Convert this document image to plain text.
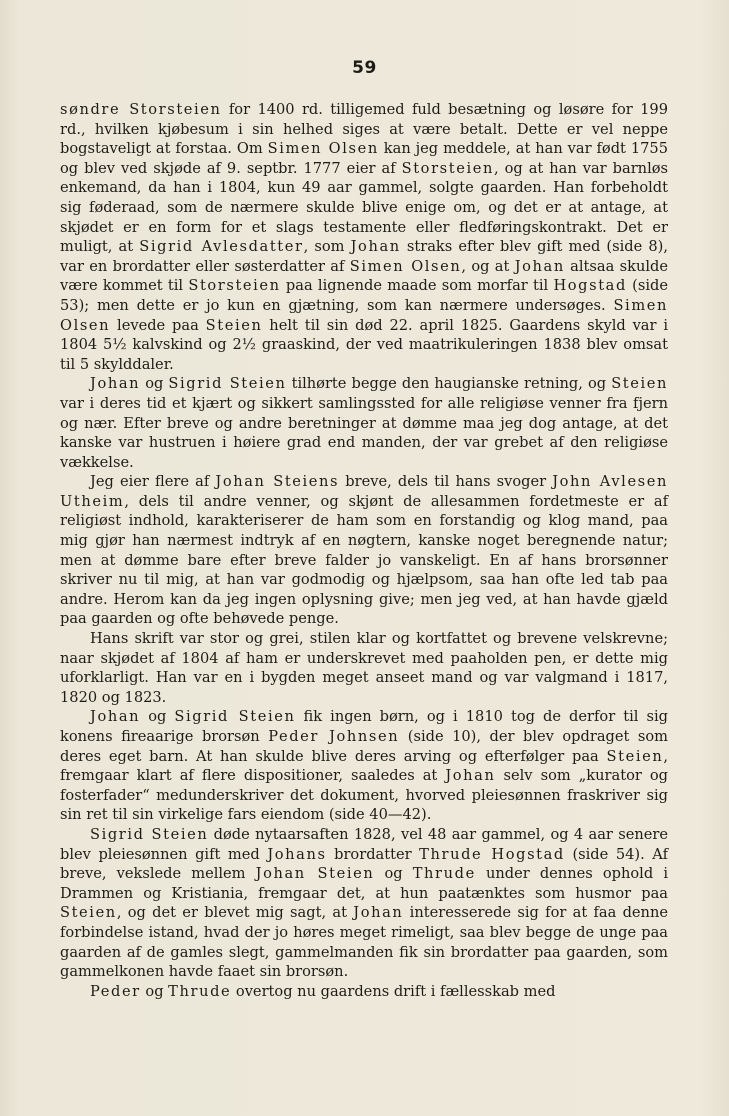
59

søndre Storsteien for 1400 rd. tilligemed fuld besætning og løsøre for 199 rd., hvilken kjøbesum i sin helhed siges at være betalt. Dette er vel neppe bogstaveligt at forstaa. Om Simen Olsen kan jeg meddele, at han var født 1755 og blev ved skjøde af 9. septbr. 1777 eier af Storsteien, og at han var barnløs enkemand, da han i 1804, kun 49 aar gammel, solgte gaarden. Han forbeholdt sig føderaad, som de nærmere skulde blive enige om, og det er at antage, at skjødet er en form for et slags testamente eller fledføringskontrakt. Det er muligt, at Sigrid Avlesdatter, som Johan straks efter blev gift med (side 8), var en brordatter eller søsterdatter af Simen Olsen, og at Johan altsaa skulde være kommet til Storsteien paa lignende maade som morfar til Hogstad (side 53); men dette er jo kun en gjætning, som kan nærmere undersøges. Simen Olsen levede paa Steien helt til sin død 22. april 1825. Gaardens skyld var i 1804 5½ kalvskind og 2½ graaskind, der ved maatrikuleringen 1838 blev omsat til 5 skylddaler.

Johan og Sigrid Steien tilhørte begge den haugianske retning, og Steien var i deres tid et kjært og sikkert samlingssted for alle religiøse venner fra fjern og nær. Efter breve og andre beretninger at dømme maa jeg dog antage, at det kanske var hustruen i høiere grad end manden, der var grebet af den religiøse vækkelse.

Jeg eier flere af Johan Steiens breve, dels til hans svoger John Avlesen Utheim, dels til andre venner, og skjønt de allesammen fordetmeste er af religiøst indhold, karakteriserer de ham som en forstandig og klog mand, paa mig gjør han nærmest indtryk af en nøgtern, kanske noget beregnende natur; men at dømme bare efter breve falder jo vanskeligt. En af hans brorsønner skriver nu til mig, at han var godmodig og hjælpsom, saa han ofte led tab paa andre. Herom kan da jeg ingen oplysning give; men jeg ved, at han havde gjæld paa gaarden og ofte behøvede penge.

Hans skrift var stor og grei, stilen klar og kortfattet og brevene velskrevne; naar skjødet af 1804 af ham er underskrevet med paaholden pen, er dette mig uforklarligt. Han var en i bygden meget anseet mand og var valgmand i 1817, 1820 og 1823.

Johan og Sigrid Steien fik ingen børn, og i 1810 tog de derfor til sig konens fireaarige brorsøn Peder Johnsen (side 10), der blev opdraget som deres eget barn. At han skulde blive deres arving og efterfølger paa Steien, fremgaar klart af flere dispositioner, saaledes at Johan selv som „kurator og fosterfader“ medunderskriver det dokument, hvorved pleiesønnen fraskriver sig sin ret til sin virkelige fars eiendom (side 40—42).

Sigrid Steien døde nytaarsaften 1828, vel 48 aar gammel, og 4 aar senere blev pleiesønnen gift med Johans brordatter Thrude Hogstad (side 54). Af breve, vekslede mellem Johan Steien og Thrude under dennes ophold i Drammen og Kristiania, fremgaar det, at hun paatænktes som husmor paa Steien, og det er blevet mig sagt, at Johan interesserede sig for at faa denne forbindelse istand, hvad der jo høres meget rimeligt, saa blev begge de unge paa gaarden af de gamles slegt, gammelmanden fik sin brordatter paa gaarden, som gammelkonen havde faaet sin brorsøn.

Peder og Thrude overtog nu gaardens drift i fællesskab med
